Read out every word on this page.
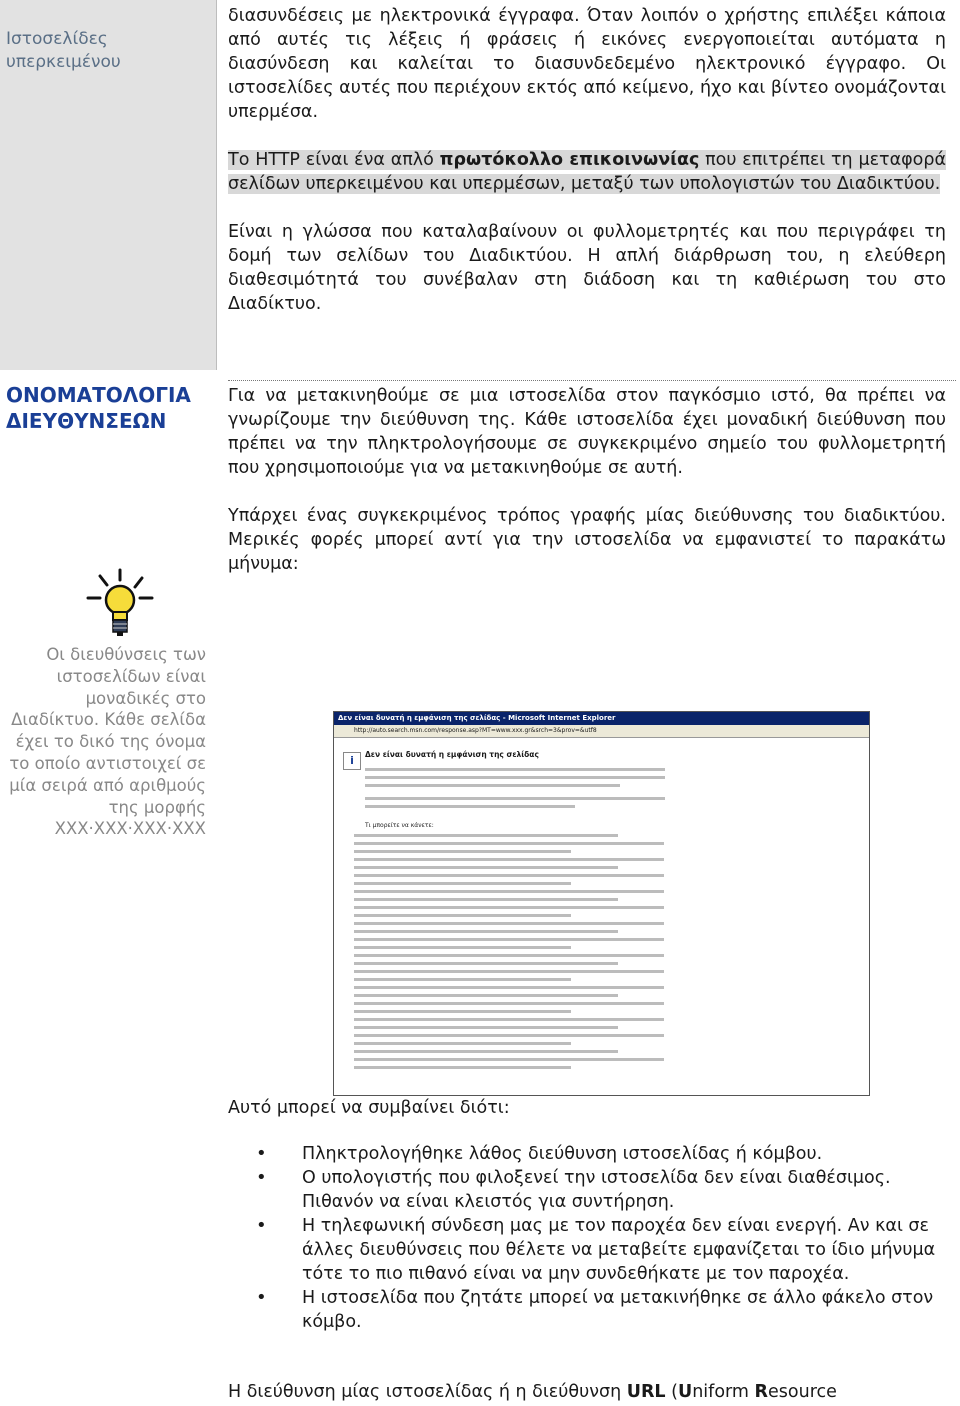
Ιστοσελίδες υπερκειμένου

διασυνδέσεις με ηλεκτρονικά έγγραφα. Όταν λοιπόν ο χρήστης επιλέξει κάποια από αυτές τις λέξεις ή φράσεις ή εικόνες ενεργοποιείται αυτόματα η διασύνδεση και καλείται το διασυνδεδεμένο ηλεκτρονικό έγγραφο. Οι ιστοσελίδες αυτές που περιέχουν εκτός από κείμενο, ήχο και βίντεο ονομάζονται υπερμέσα.

Το HTTP είναι ένα απλό πρωτόκολλο επικοινωνίας που επιτρέπει τη μεταφορά σελίδων υπερκειμένου και υπερμέσων, μεταξύ των υπολογιστών του Διαδικτύου.

Είναι η γλώσσα που καταλαβαίνουν οι φυλλομετρητές και που περιγράφει τη δομή των σελίδων του Διαδικτύου. Η απλή διάρθρωση του, η ελεύθερη διαθεσιμότητά του συνέβαλαν στη διάδοση και τη καθιέρωση του στο Διαδίκτυο.

ΟΝΟΜΑΤΟΛΟΓΙΑ ΔΙΕΥΘΥΝΣΕΩΝ

Για να μετακινηθούμε σε μια ιστοσελίδα στον παγκόσμιο ιστό, θα πρέπει να γνωρίζουμε την διεύθυνση της. Κάθε ιστοσελίδα έχει μοναδική διεύθυνση που πρέπει να την πληκτρολογήσουμε σε συγκεκριμένο σημείο του φυλλομετρητή που χρησιμοποιούμε για να μετακινηθούμε σε αυτή.

Υπάρχει ένας συγκεκριμένος τρόπος γραφής μίας διεύθυνσης του διαδικτύου. Μερικές φορές μπορεί αντί για την ιστοσελίδα να εμφανιστεί το παρακάτω μήνυμα:

Οι διευθύνσεις των ιστοσελίδων είναι μοναδικές στο Διαδίκτυο. Κάθε σελίδα έχει το δικό της όνομα το οποίο αντιστοιχεί σε μία σειρά από αριθμούς της μορφής XXX·XXX·XXX·XXX
Δεν είναι δυνατή η εμφάνιση της σελίδας - Microsoft Internet Explorer
http://auto.search.msn.com/response.asp?MT=www.xxx.gr&srch=3&prov=&utf8
i	Δεν είναι δυνατή η εμφάνιση της σελίδας
Τι μπορείτε να κάνετε:
Αυτό μπορεί να συμβαίνει διότι:
• Πληκτρολογήθηκε λάθος διεύθυνση ιστοσελίδας ή κόμβου.
• Ο υπολογιστής που φιλοξενεί την ιστοσελίδα δεν είναι διαθέσιμος. Πιθανόν να είναι κλειστός για συντήρηση.
• Η τηλεφωνική σύνδεση μας με τον παροχέα δεν είναι ενεργή. Αν και σε άλλες διευθύνσεις που θέλετε να μεταβείτε εμφανίζεται το ίδιο μήνυμα τότε το πιο πιθανό είναι να μην συνδεθήκατε με τον παροχέα.
• Η ιστοσελίδα που ζητάτε μπορεί να μετακινήθηκε σε άλλο φάκελο στον κόμβο.
Η διεύθυνση μίας ιστοσελίδας ή η διεύθυνση URL (Uniform Resource
